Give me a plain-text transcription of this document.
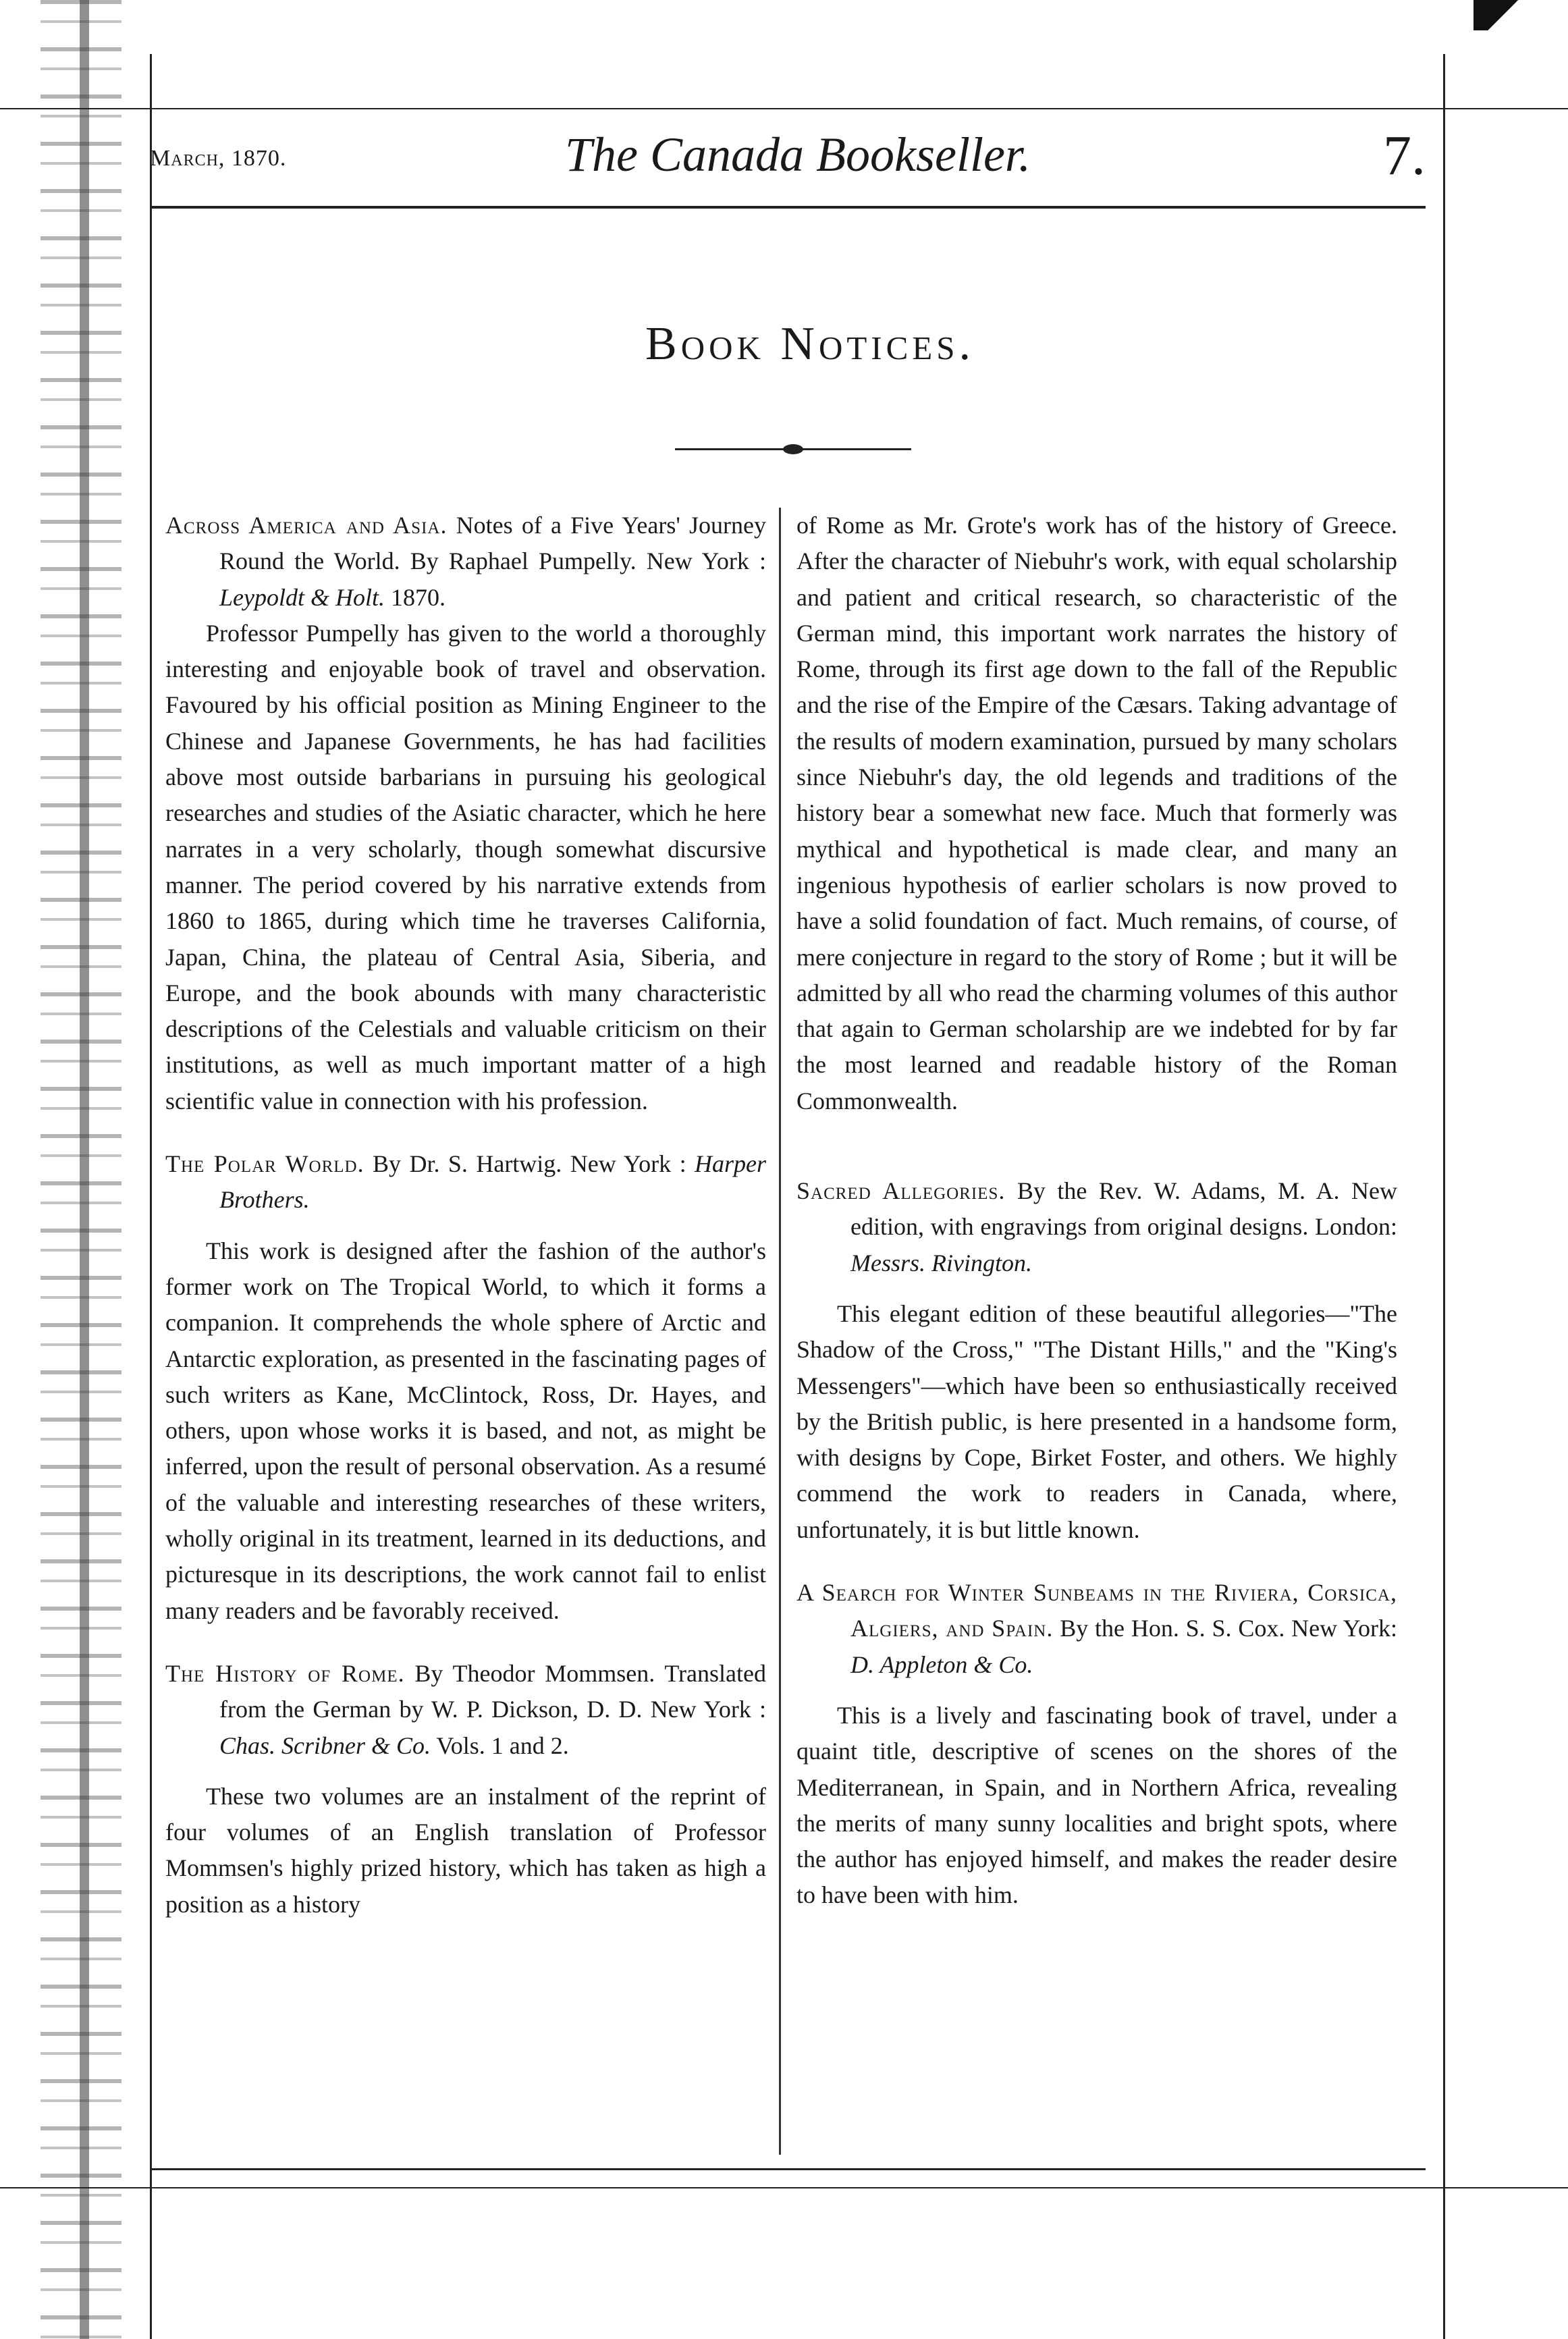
March, 1870.	The Canada Bookseller.	7.
Book Notices.

Across America and Asia. Notes of a Five Years' Journey Round the World. By Raphael Pumpelly. New York : Leypoldt & Holt. 1870.

Professor Pumpelly has given to the world a thoroughly interesting and enjoyable book of travel and observation. Favoured by his official position as Mining Engineer to the Chinese and Japanese Governments, he has had facilities above most outside barbarians in pursuing his geological researches and studies of the Asiatic character, which he here narrates in a very scholarly, though somewhat discursive manner. The period covered by his narrative extends from 1860 to 1865, during which time he traverses California, Japan, China, the plateau of Central Asia, Siberia, and Europe, and the book abounds with many characteristic descriptions of the Celestials and valuable criticism on their institutions, as well as much important matter of a high scientific value in connection with his profession.

The Polar World. By Dr. S. Hartwig. New York : Harper Brothers.

This work is designed after the fashion of the author's former work on The Tropical World, to which it forms a companion. It comprehends the whole sphere of Arctic and Antarctic exploration, as presented in the fascinating pages of such writers as Kane, McClintock, Ross, Dr. Hayes, and others, upon whose works it is based, and not, as might be inferred, upon the result of personal observation. As a resumé of the valuable and interesting researches of these writers, wholly original in its treatment, learned in its deductions, and picturesque in its descriptions, the work cannot fail to enlist many readers and be favorably received.

The History of Rome. By Theodor Mommsen. Translated from the German by W. P. Dickson, D. D. New York : Chas. Scribner & Co. Vols. 1 and 2.

These two volumes are an instalment of the reprint of four volumes of an English translation of Professor Mommsen's highly prized history, which has taken as high a position as a history

of Rome as Mr. Grote's work has of the history of Greece. After the character of Niebuhr's work, with equal scholarship and patient and critical research, so characteristic of the German mind, this important work narrates the history of Rome, through its first age down to the fall of the Republic and the rise of the Empire of the Cæsars. Taking advantage of the results of modern examination, pursued by many scholars since Niebuhr's day, the old legends and traditions of the history bear a somewhat new face. Much that formerly was mythical and hypothetical is made clear, and many an ingenious hypothesis of earlier scholars is now proved to have a solid foundation of fact. Much remains, of course, of mere conjecture in regard to the story of Rome ; but it will be admitted by all who read the charming volumes of this author that again to German scholarship are we indebted for by far the most learned and readable history of the Roman Commonwealth.

Sacred Allegories. By the Rev. W. Adams, M. A. New edition, with engravings from original designs. London: Messrs. Rivington.

This elegant edition of these beautiful allegories—"The Shadow of the Cross," "The Distant Hills," and the "King's Messengers"—which have been so enthusiastically received by the British public, is here presented in a handsome form, with designs by Cope, Birket Foster, and others. We highly commend the work to readers in Canada, where, unfortunately, it is but little known.

A Search for Winter Sunbeams in the Riviera, Corsica, Algiers, and Spain. By the Hon. S. S. Cox. New York: D. Appleton & Co.

This is a lively and fascinating book of travel, under a quaint title, descriptive of scenes on the shores of the Mediterranean, in Spain, and in Northern Africa, revealing the merits of many sunny localities and bright spots, where the author has enjoyed himself, and makes the reader desire to have been with him.
